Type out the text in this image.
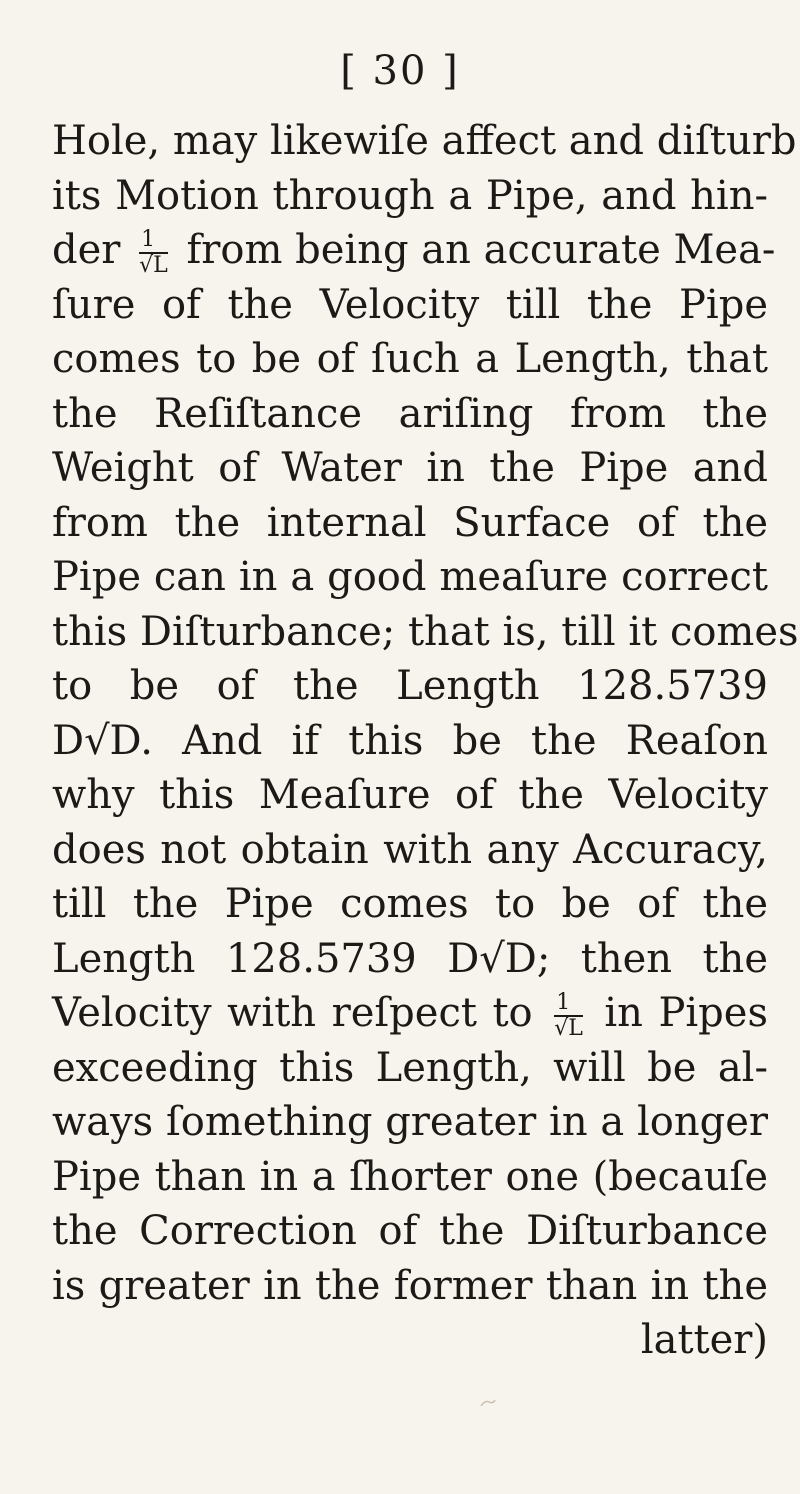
[ 30 ]
Hole, may likewiſe affect and diſturb
its Motion through a Pipe, and hin-
der $\frac{1}{√L}$ from being an accurate Mea-
ſure of the Velocity till the Pipe
comes to be of ſuch a Length, that
the Reſiſtance ariſing from the
Weight of Water in the Pipe and
from the internal Surface of the
Pipe can in a good meaſure correct
this Diſturbance; that is, till it comes
to be of the Length 128.5739
D√D. And if this be the Reaſon
why this Meaſure of the Velocity
does not obtain with any Accuracy,
till the Pipe comes to be of the
Length 128.5739 D√D; then the
Velocity with reſpect to $\frac{1}{√L}$ in Pipes
exceeding this Length, will be al-
ways ſomething greater in a longer
Pipe than in a ſhorter one (becauſe
the Correction of the Diſturbance
is greater in the former than in the
latter)
